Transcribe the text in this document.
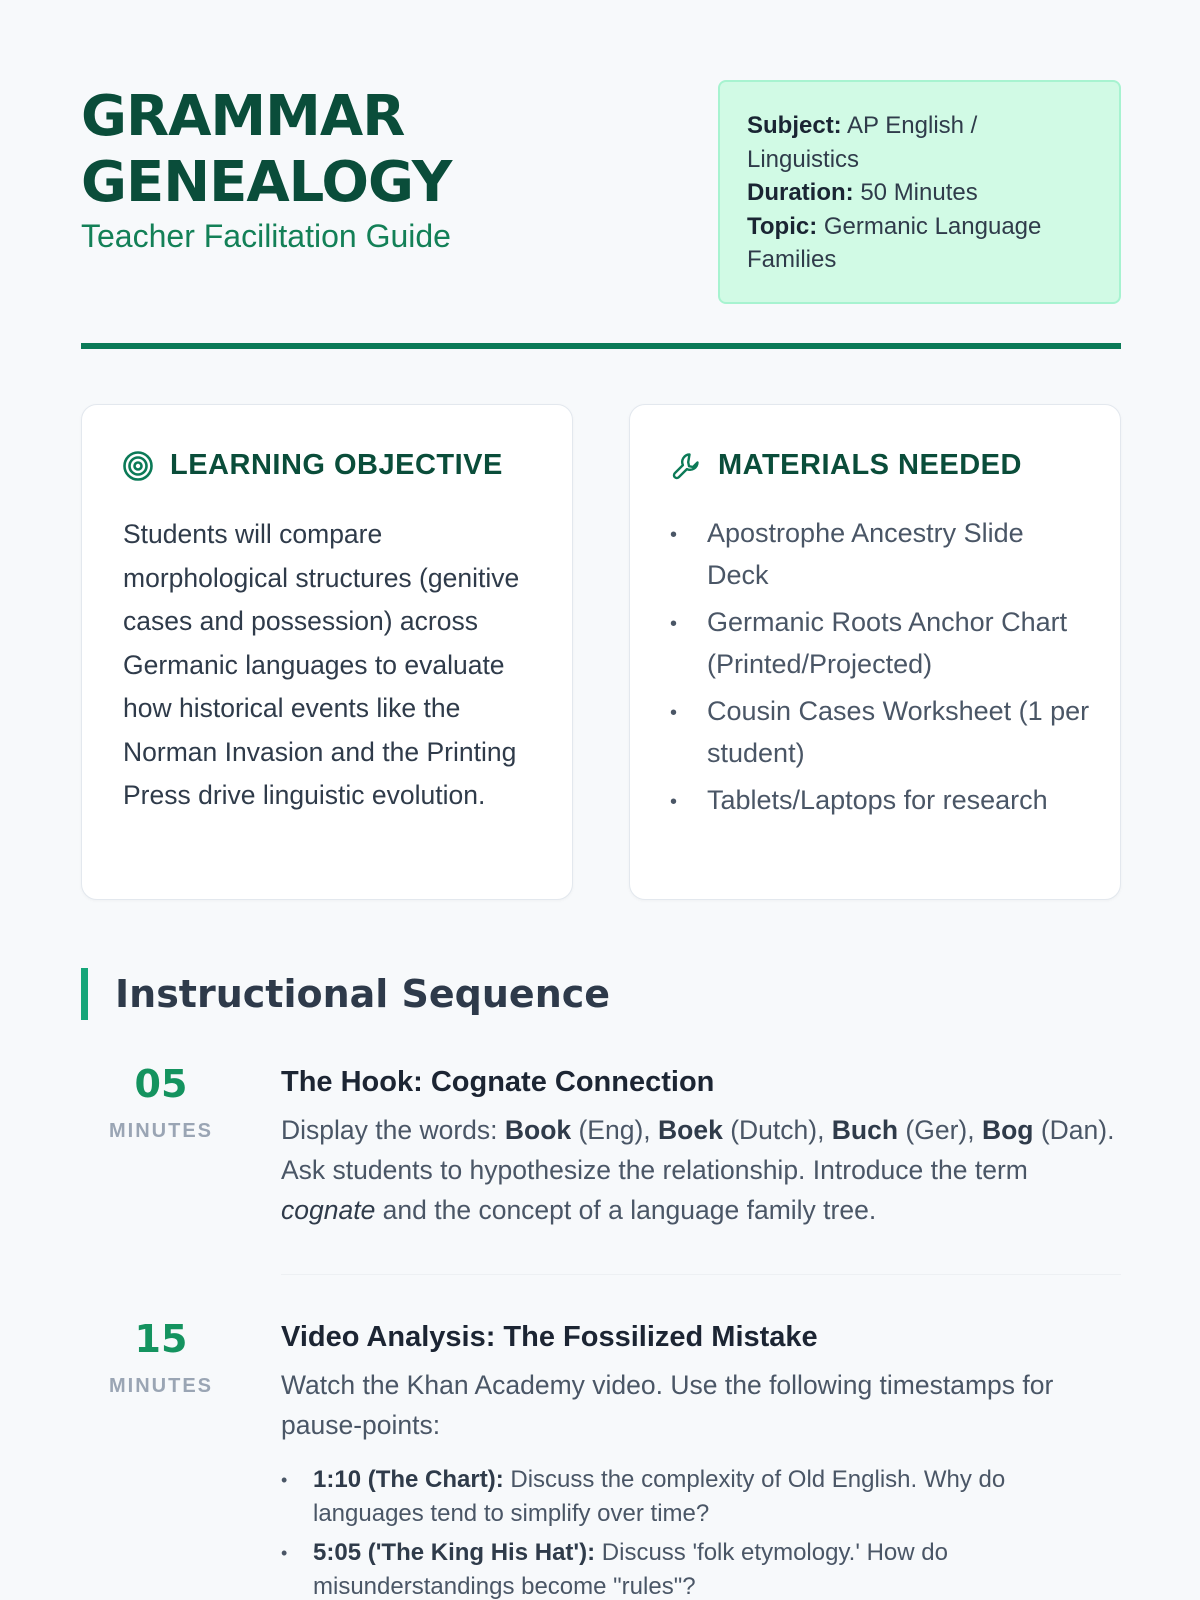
GRAMMAR
GENEALOGY
Teacher Facilitation Guide
Subject: AP English / Linguistics
Duration: 50 Minutes
Topic: Germanic Language Families
LEARNING OBJECTIVE

Students will compare morphological structures (genitive cases and possession) across Germanic languages to evaluate how historical events like the Norman Invasion and the Printing Press drive linguistic evolution.

MATERIALS NEEDED
• Apostrophe Ancestry Slide Deck
• Germanic Roots Anchor Chart (Printed/Projected)
• Cousin Cases Worksheet (1 per student)
• Tablets/Laptops for research
Instructional Sequence
05
MINUTES
The Hook: Cognate Connection

Display the words: Book (Eng), Boek (Dutch), Buch (Ger), Bog (Dan). Ask students to hypothesize the relationship. Introduce the term cognate and the concept of a language family tree.

15
MINUTES
Video Analysis: The Fossilized Mistake

Watch the Khan Academy video. Use the following timestamps for pause-points:

• 1:10 (The Chart): Discuss the complexity of Old English. Why do languages tend to simplify over time?
• 5:05 ('The King His Hat'): Discuss 'folk etymology.' How do misunderstandings become "rules"?
